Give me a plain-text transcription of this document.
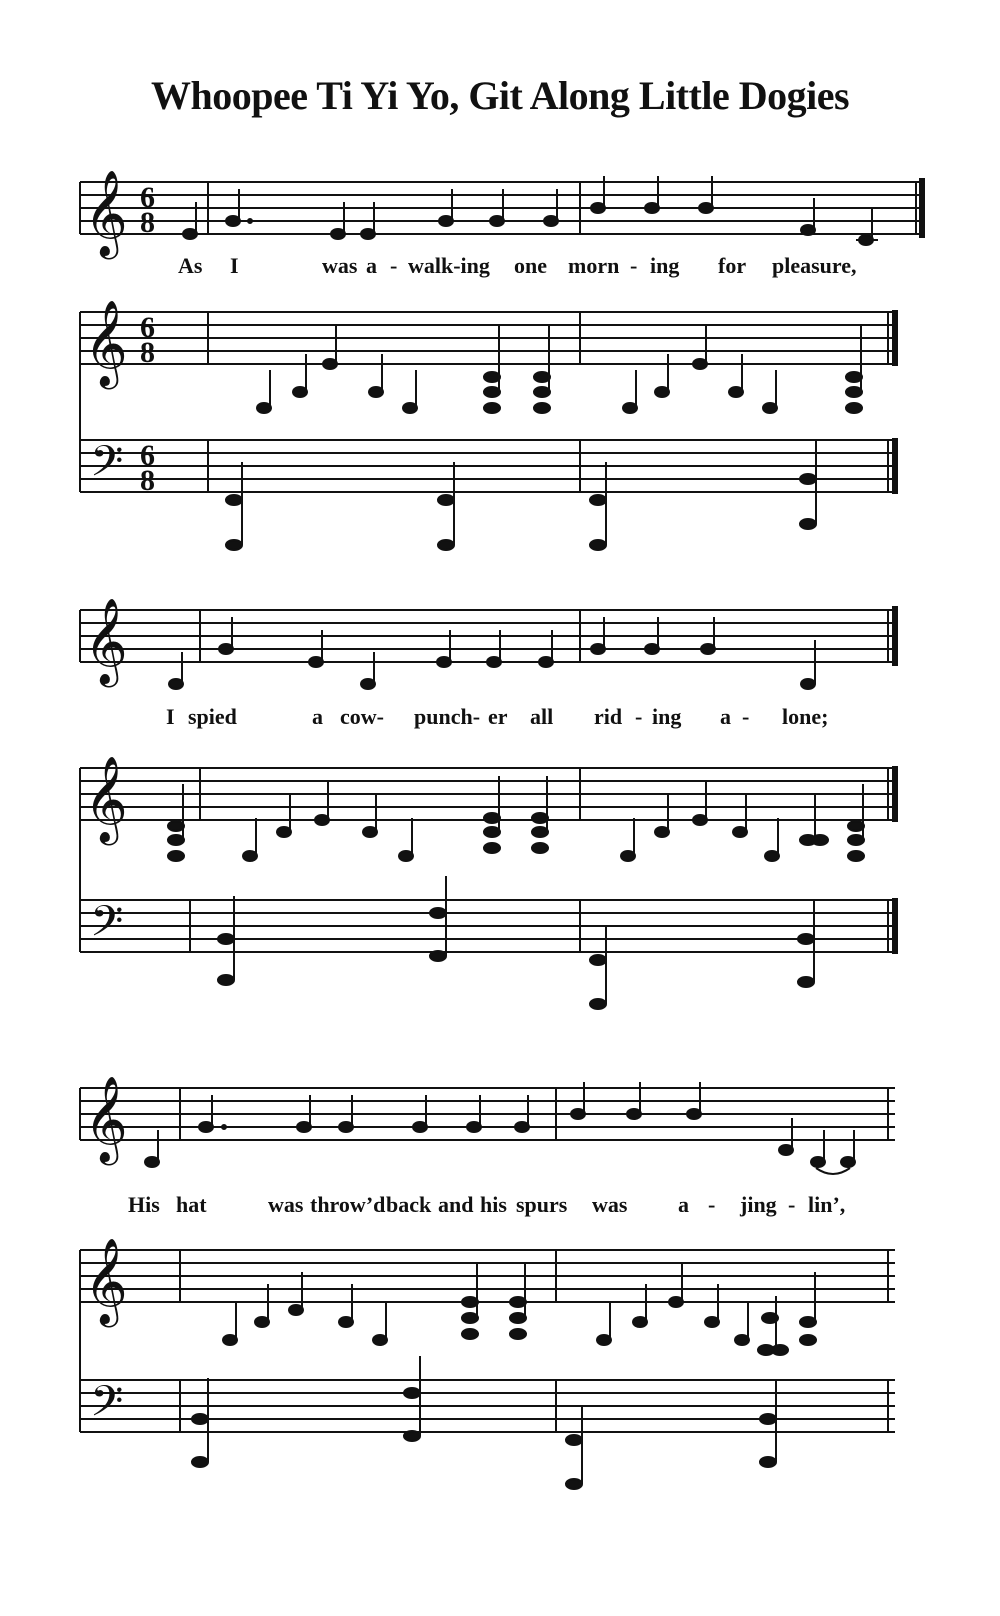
Whoopee Ti Yi Yo, Git Along Little Dogies
𝄞 6
8
As I	was a - walk-ing one morn - ing for pleasure,
𝄞 6
8
𝄢 6
8
𝄞
I spied	a cow- punch- er all rid - ing a - lone;
𝄞
𝄢
𝄞
His hat	was throw’d back and his spurs was a - jing - lin’,
𝄞
𝄢
